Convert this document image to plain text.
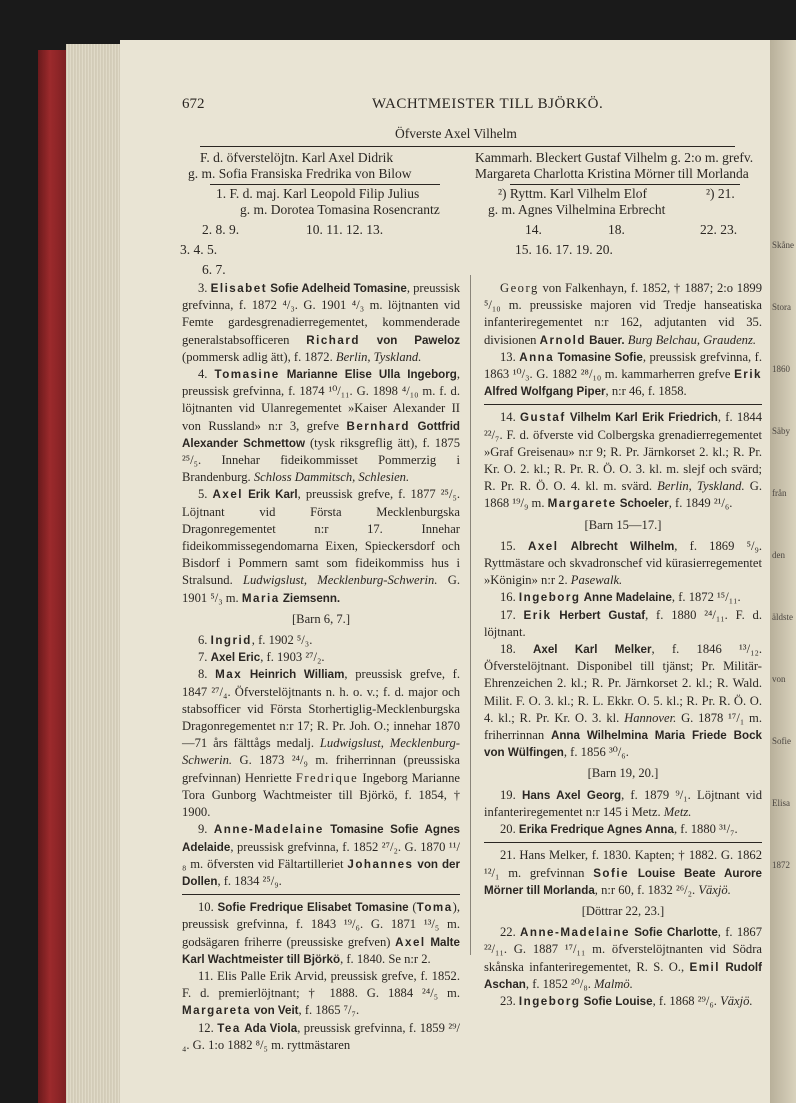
672	WACHTMEISTER TILL BJÖRKÖ.
Öfverste Axel Vilhelm
F. d. öfverstelöjtn. Karl Axel Didrik
g. m. Sofia Fransiska Fredrika von Bilow
Kammarh. Bleckert Gustaf Vilhelm g. 2:o m. grefv.
Margareta Charlotta Kristina Mörner till Morlanda
1. F. d. maj. Karl Leopold Filip Julius
g. m. Dorotea Tomasina Rosencrantz
²) Ryttm. Karl Vilhelm Elof
g. m. Agnes Vilhelmina Erbrecht
²) 21.
2. 8. 9.	10. 11. 12. 13.	14.	18.	22. 23.
3. 4. 5.	15. 16. 17. 19. 20.
6. 7.

3. Elisabet Sofie Adelheid Tomasine, preussisk grefvinna, f. 1872 ⁴/₃. G. 1901 ⁴/₃ m. löjtnanten vid Femte gardesgrenadierregementet, kommenderade generalstabsofficeren Richard von Paweloz (pommersk adlig ätt), f. 1872. Berlin, Tyskland.

4. Tomasine Marianne Elise Ulla Ingeborg, preussisk grefvinna, f. 1874 ¹⁰/₁₁. G. 1898 ⁴/₁₀ m. f. d. löjtnanten vid Ulanregementet »Kaiser Alexander II von Russland» n:r 3, grefve Bernhard Gottfrid Alexander Schmettow (tysk riksgreflig ätt), f. 1875 ²⁵/₅. Innehar fideikommisset Pommerzig i Brandenburg. Schloss Dammitsch, Schlesien.

5. Axel Erik Karl, preussisk grefve, f. 1877 ²⁵/₅. Löjtnant vid Första Mecklenburgska Dragonregementet n:r 17. Innehar fideikommissegendomarna Eixen, Spieckersdorf och Bisdorf i Pommern samt som fideikommiss hus i Stralsund. Ludwigslust, Mecklenburg-Schwerin. G. 1901 ⁵/₃ m. Maria Ziemsenn.

[Barn 6, 7.]

6. Ingrid, f. 1902 ⁵/₃.

7. Axel Eric, f. 1903 ²⁷/₂.

8. Max Heinrich William, preussisk grefve, f. 1847 ²⁷/₄. Öfverstelöjtnants n. h. o. v.; f. d. major och stabsofficer vid Första Storhertiglig-Mecklenburgska Dragonregementet n:r 17; R. Pr. Joh. O.; innehar 1870—71 års fälttågs medalj. Ludwigslust, Mecklenburg-Schwerin. G. 1873 ²⁴/₉ m. friherrinnan (preussiska grefvinnan) Henriette Fredrique Ingeborg Marianne Tora Gunborg Wachtmeister till Björkö, f. 1854, † 1900.

9. Anne-Madelaine Tomasine Sofie Agnes Adelaide, preussisk grefvinna, f. 1852 ²⁷/₂. G. 1870 ¹¹/₈ m. öfversten vid Fältartilleriet Johannes von der Dollen, f. 1834 ²⁵/₉.

10. Sofie Fredrique Elisabet Tomasine (Toma), preussisk grefvinna, f. 1843 ¹⁹/₆. G. 1871 ¹³/₅ m. godsägaren friherre (preussiske grefven) Axel Malte Karl Wachtmeister till Björkö, f. 1840. Se n:r 2.

11. Elis Palle Erik Arvid, preussisk grefve, f. 1852. F. d. premierlöjtnant; † 1888. G. 1884 ²⁴/₅ m. Margareta von Veit, f. 1865 ⁷/₇.

12. Tea Ada Viola, preussisk grefvinna, f. 1859 ²⁹/₄. G. 1:o 1882 ⁸/₅ m. ryttmästaren

Georg von Falkenhayn, f. 1852, † 1887; 2:o 1899 ⁵/₁₀ m. preussiske majoren vid Tredje hanseatiska infanteriregementet n:r 162, adjutanten vid 35. divisionen Arnold Bauer. Burg Belchau, Graudenz.

13. Anna Tomasine Sofie, preussisk grefvinna, f. 1863 ¹⁰/₃. G. 1882 ²⁸/₁₀ m. kammarherren grefve Erik Alfred Wolfgang Piper, n:r 46, f. 1858.

14. Gustaf Vilhelm Karl Erik Friedrich, f. 1844 ²²/₇. F. d. öfverste vid Colbergska grenadierregementet »Graf Greisenau» n:r 9; R. Pr. Järnkorset 2. kl.; R. Pr. Kr. O. 2. kl.; R. Pr. R. Ö. O. 3. kl. m. slejf och svärd; R. Pr. R. Ö. O. 4. kl. m. svärd. Berlin, Tyskland. G. 1868 ¹⁹/₉ m. Margarete Schoeler, f. 1849 ²¹/₆.

[Barn 15—17.]

15. Axel Albrecht Wilhelm, f. 1869 ⁵/₉. Ryttmästare och skvadronschef vid kürasierregementet »Königin» n:r 2. Pasewalk.

16. Ingeborg Anne Madelaine, f. 1872 ¹⁵/₁₁.

17. Erik Herbert Gustaf, f. 1880 ²⁴/₁₁. F. d. löjtnant.

18. Axel Karl Melker, f. 1846 ¹³/₁₂. Öfverstelöjtnant. Disponibel till tjänst; Pr. Militär-Ehrenzeichen 2. kl.; R. Pr. Järnkorset 2. kl.; R. Wald. Milit. F. O. 3. kl.; R. L. Ekkr. O. 5. kl.; R. Pr. R. Ö. O. 4. kl.; R. Pr. Kr. O. 3. kl. Hannover. G. 1878 ¹⁷/₁ m. friherrinnan Anna Wilhelmina Maria Friede Bock von Wülfingen, f. 1856 ³⁰/₆.

[Barn 19, 20.]

19. Hans Axel Georg, f. 1879 ⁹/₁. Löjtnant vid infanteriregementet n:r 145 i Metz. Metz.

20. Erika Fredrique Agnes Anna, f. 1880 ³¹/₇.

21. Hans Melker, f. 1830. Kapten; † 1882. G. 1862 ¹²/₁ m. grefvinnan Sofie Louise Beate Aurore Mörner till Morlanda, n:r 60, f. 1832 ²⁶/₂. Växjö.

[Döttrar 22, 23.]

22. Anne-Madelaine Sofie Charlotte, f. 1867 ²²/₁₁. G. 1887 ¹⁷/₁₁ m. öfverstelöjtnanten vid Södra skånska infanteriregementet, R. S. O., Emil Rudolf Aschan, f. 1852 ²⁰/₈. Malmö.

23. Ingeborg Sofie Louise, f. 1868 ²⁹/₆. Växjö.

Skåne
Stora
1860
Säby
från
den
äldste
von
Sofie
Elisa
1872
